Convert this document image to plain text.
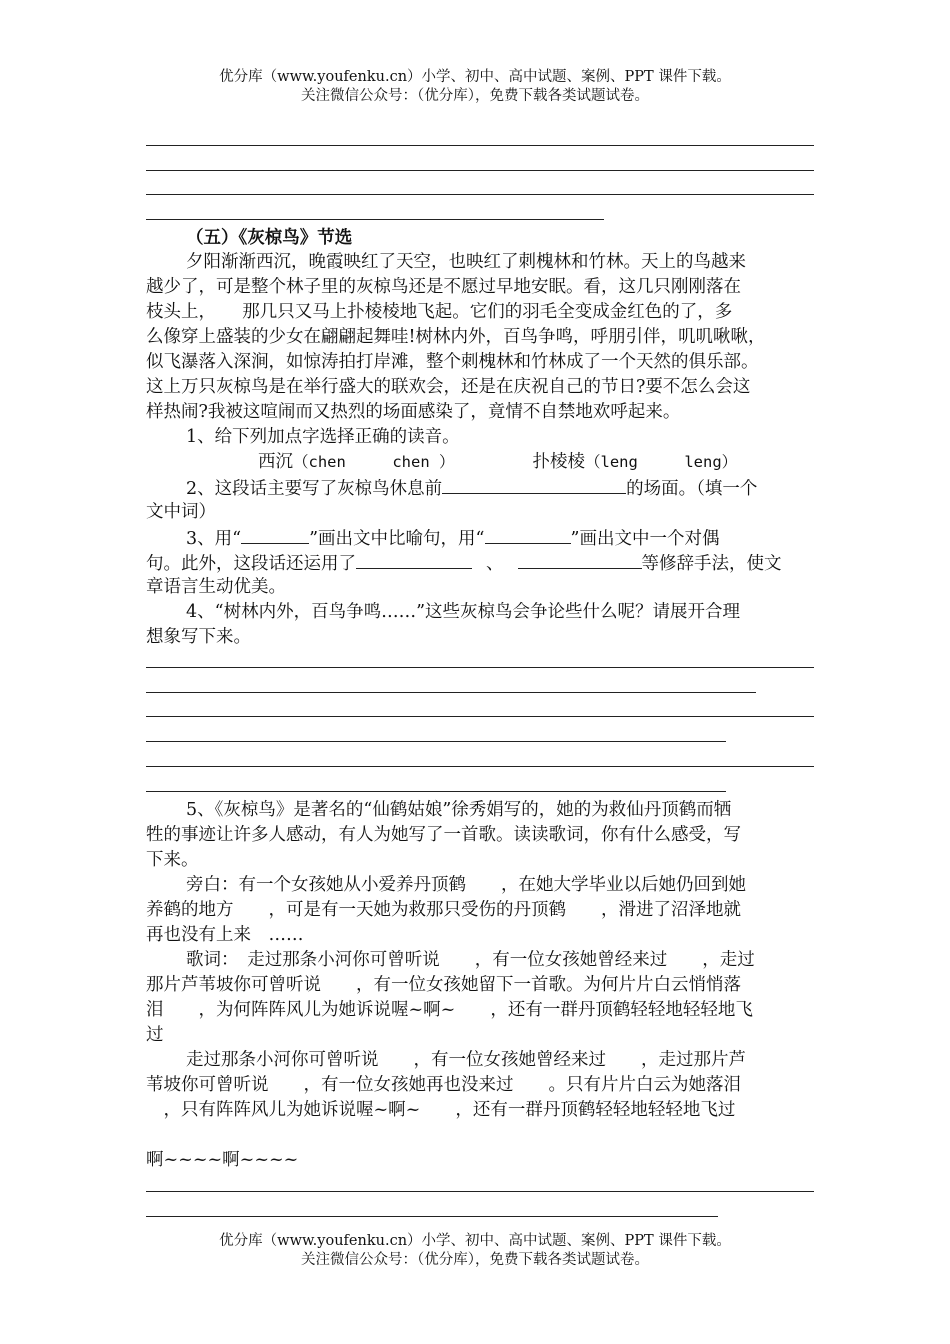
优分库（www.youfenku.cn）小学、初中、高中试题、案例、PPT 课件下载。
关注微信公众号：（优分库），免费下载各类试题试卷。
（五）《灰椋鸟》节选
夕阳渐渐西沉，晚霞映红了天空，也映红了刺槐林和竹林。天上的鸟越来
越少了，可是整个林子里的灰椋鸟还是不愿过早地安眠。看，这几只刚刚落在
枝头上，　　那几只又马上扑棱棱地飞起。它们的羽毛全变成金红色的了，多
么像穿上盛装的少女在翩翩起舞哇!树林内外，百鸟争鸣，呼朋引伴，叽叽啾啾，
似飞瀑落入深涧，如惊涛拍打岸滩，整个刺槐林和竹林成了一个天然的俱乐部。
这上万只灰椋鸟是在举行盛大的联欢会，还是在庆祝自己的节日?要不怎么会这
样热闹?我被这喧闹而又热烈的场面感染了，竟情不自禁地欢呼起来。
1、给下列加点字选择正确的读音。
西沉（chen　　　chen ）	扑棱棱（leng　　　leng）
2、这段话主要写了灰椋鸟休息前	的场面。（填一个
文中词）
3、用“	”画出文中比喻句，用“	”画出文中一个对偶
句。此外，这段话还运用了	、	等修辞手法，使文
章语言生动优美。
4、“树林内外，百鸟争鸣……”这些灰椋鸟会争论些什么呢？请展开合理
想象写下来。
5、《灰椋鸟》是著名的“仙鹤姑娘”徐秀娟写的，她的为救仙丹顶鹤而牺
牲的事迹让许多人感动，有人为她写了一首歌。读读歌词，你有什么感受，写
下来。
旁白：有一个女孩她从小爱养丹顶鹤　　，在她大学毕业以后她仍回到她
养鹤的地方　　，可是有一天她为救那只受伤的丹顶鹤　　，滑进了沼泽地就
再也没有上来　……
歌词：　走过那条小河你可曾听说　　，有一位女孩她曾经来过　　，走过
那片芦苇坡你可曾听说　　，有一位女孩她留下一首歌。为何片片白云悄悄落
泪　　，为何阵阵风儿为她诉说喔~啊~　　，还有一群丹顶鹤轻轻地轻轻地飞
过
走过那条小河你可曾听说　　，有一位女孩她曾经来过　　，走过那片芦
苇坡你可曾听说　　，有一位女孩她再也没来过　　。只有片片白云为她落泪
　，只有阵阵风儿为她诉说喔~啊~　　，还有一群丹顶鹤轻轻地轻轻地飞过
啊~~~~啊~~~~
优分库（www.youfenku.cn）小学、初中、高中试题、案例、PPT 课件下载。
关注微信公众号：（优分库），免费下载各类试题试卷。
